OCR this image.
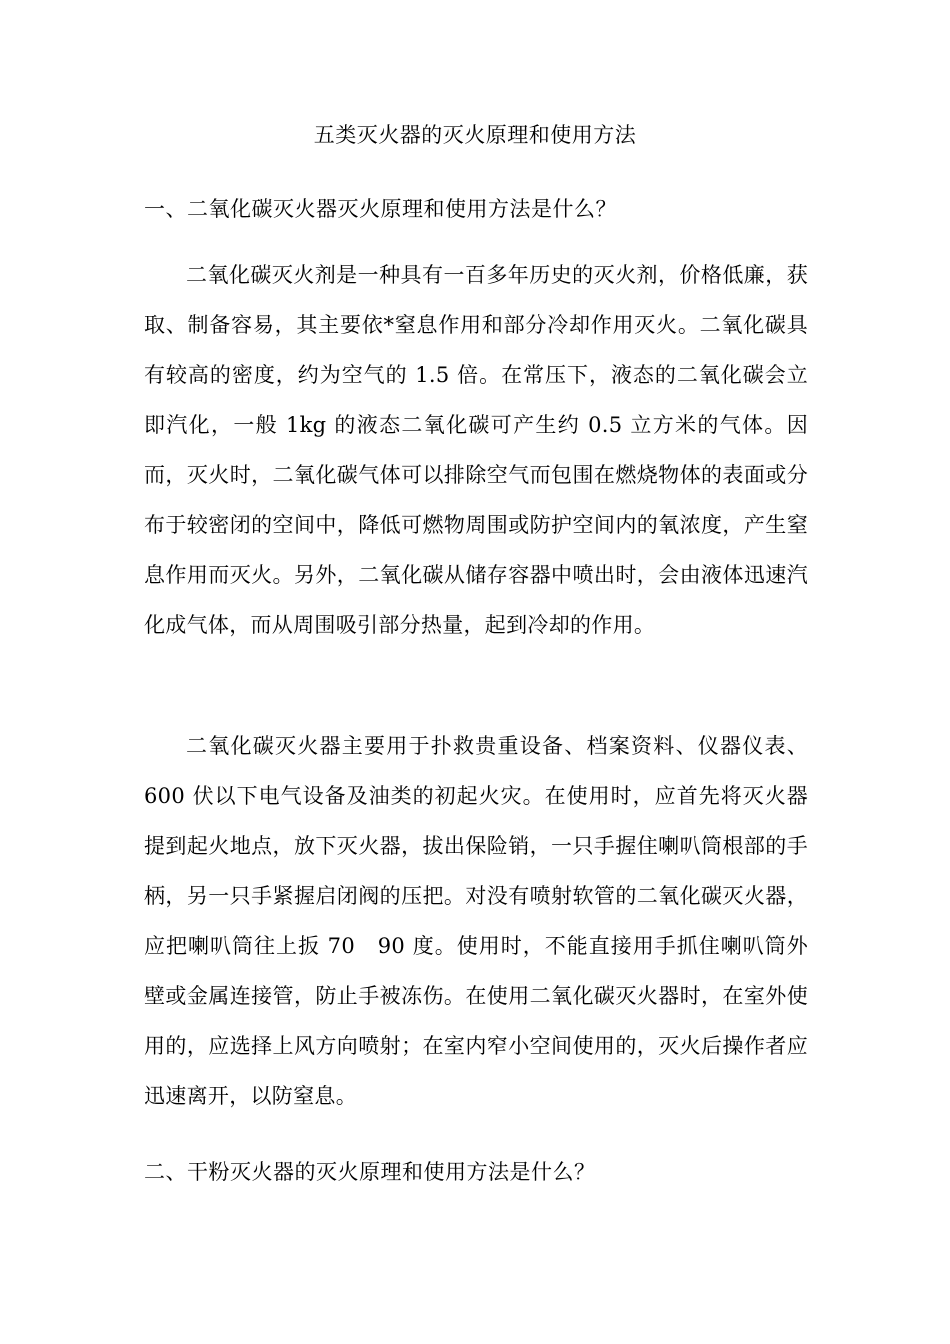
五类灭火器的灭火原理和使用方法
一、二氧化碳灭火器灭火原理和使用方法是什么？
二氧化碳灭火剂是一种具有一百多年历史的灭火剂，价格低廉，获取、制备容易，其主要依*窒息作用和部分冷却作用灭火。二氧化碳具有较高的密度，约为空气的 1.5 倍。在常压下，液态的二氧化碳会立即汽化，一般 1kg 的液态二氧化碳可产生约 0.5 立方米的气体。因而，灭火时，二氧化碳气体可以排除空气而包围在燃烧物体的表面或分布于较密闭的空间中，降低可燃物周围或防护空间内的氧浓度，产生窒息作用而灭火。另外，二氧化碳从储存容器中喷出时，会由液体迅速汽化成气体，而从周围吸引部分热量，起到冷却的作用。
二氧化碳灭火器主要用于扑救贵重设备、档案资料、仪器仪表、600 伏以下电气设备及油类的初起火灾。在使用时，应首先将灭火器提到起火地点，放下灭火器，拔出保险销，一只手握住喇叭筒根部的手柄，另一只手紧握启闭阀的压把。对没有喷射软管的二氧化碳灭火器，应把喇叭筒往上扳 70　90 度。使用时，不能直接用手抓住喇叭筒外壁或金属连接管，防止手被冻伤。在使用二氧化碳灭火器时，在室外使用的，应选择上风方向喷射；在室内窄小空间使用的，灭火后操作者应迅速离开，以防窒息。
二、干粉灭火器的灭火原理和使用方法是什么？
